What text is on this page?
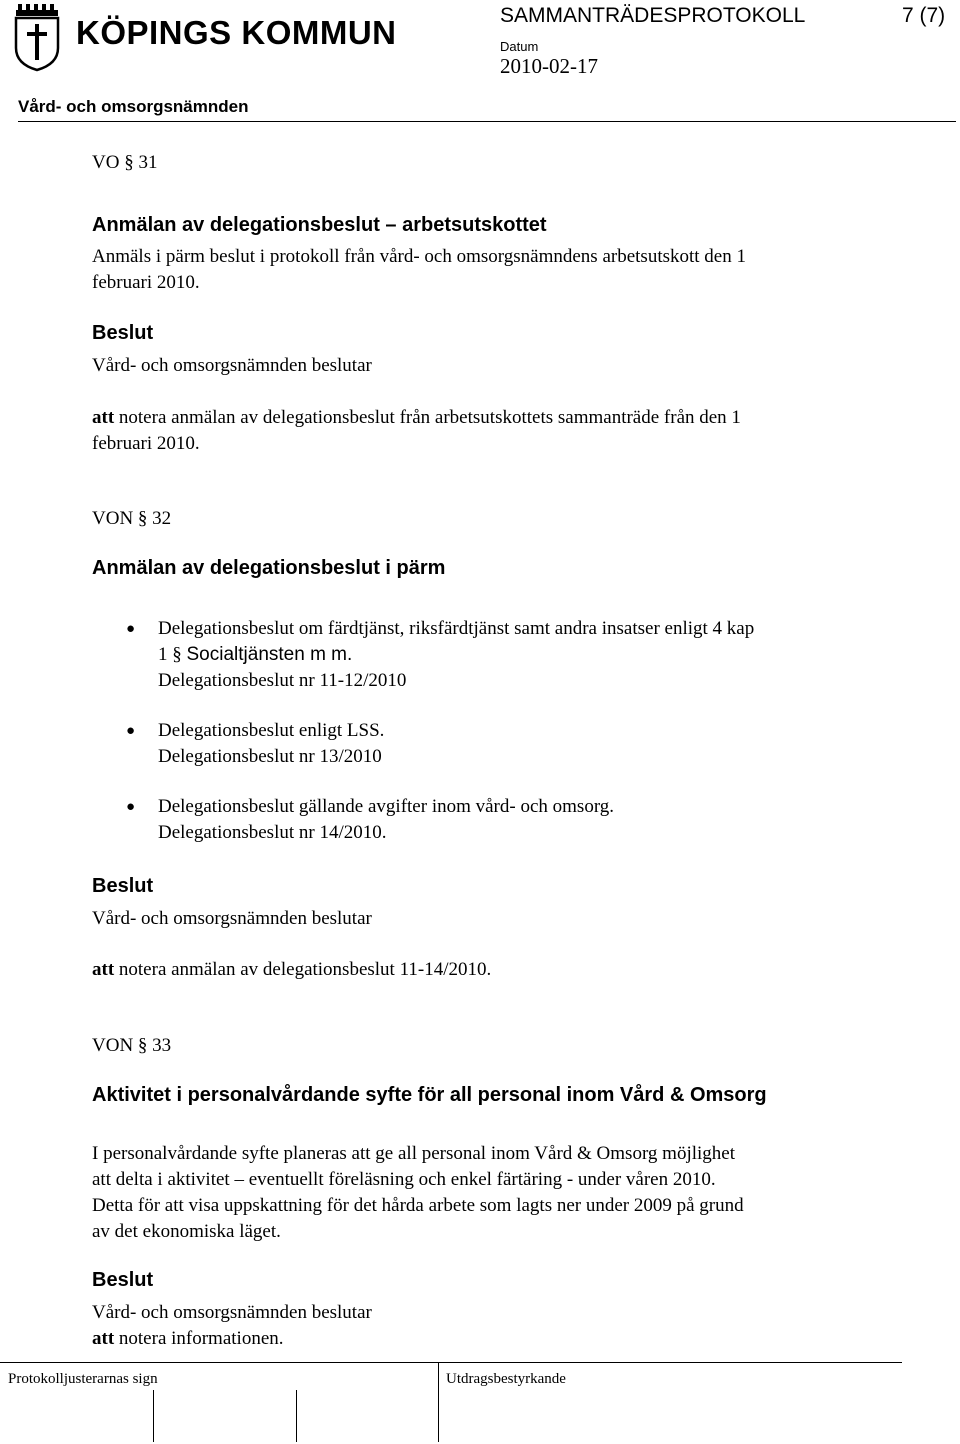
KÖPINGS KOMMUN	SAMMANTRÄDESPROTOKOLL	7 (7)
Datum
2010-02-17
Vård- och omsorgsnämnden
VO § 31
Anmälan av delegationsbeslut – arbetsutskottet
Anmäls i pärm beslut i protokoll från vård- och omsorgsnämndens arbetsutskott den 1
februari 2010.
Beslut
Vård- och omsorgsnämnden beslutar
att notera anmälan av delegationsbeslut från arbetsutskottets sammanträde från den 1
februari 2010.
VON § 32
Anmälan av delegationsbeslut i pärm
● Delegationsbeslut om färdtjänst, riksfärdtjänst samt andra insatser enligt 4 kap
1 § Socialtjänsten m m.
Delegationsbeslut nr 11-12/2010
● Delegationsbeslut enligt LSS.
Delegationsbeslut nr 13/2010
● Delegationsbeslut gällande avgifter inom vård- och omsorg.
Delegationsbeslut nr 14/2010.
Beslut
Vård- och omsorgsnämnden beslutar
att notera anmälan av delegationsbeslut 11-14/2010.
VON § 33
Aktivitet i personalvårdande syfte för all personal inom Vård & Omsorg
I personalvårdande syfte planeras att ge all personal inom Vård & Omsorg möjlighet
att delta i aktivitet – eventuellt föreläsning och enkel färtäring - under våren 2010.
Detta för att visa uppskattning för det hårda arbete som lagts ner under 2009 på grund
av det ekonomiska läget.
Beslut
Vård- och omsorgsnämnden beslutar
att notera informationen.
Protokolljusterarnas sign	Utdragsbestyrkande
